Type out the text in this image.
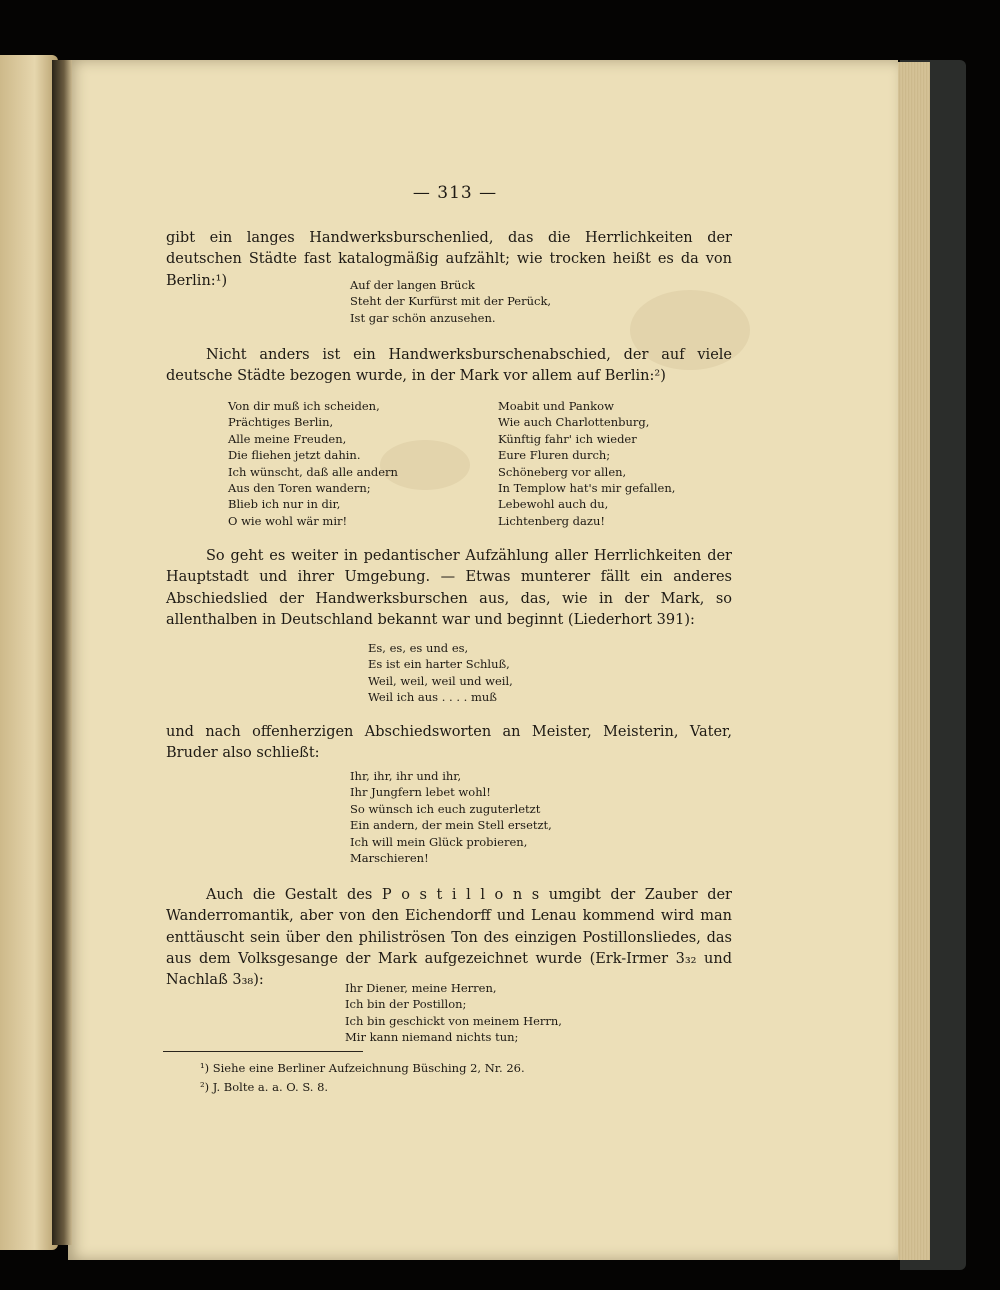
— 313 —

gibt ein langes Handwerksburschenlied, das die Herrlichkeiten der deutschen Städte fast katalogmäßig aufzählt; wie trocken heißt es da von Berlin:¹)	Auf der langen Brück
Steht der Kurfürst mit der Perück,
Ist gar schön anzusehen.

Nicht anders ist ein Handwerksburschenabschied, der auf viele deutsche Städte bezogen wurde, in der Mark vor allem auf Berlin:²)

Von dir muß ich scheiden,
Prächtiges Berlin,
Alle meine Freuden,
Die fliehen jetzt dahin.
Ich wünscht, daß alle andern
Aus den Toren wandern;
Blieb ich nur in dir,
O wie wohl wär mir!
Moabit und Pankow
Wie auch Charlottenburg,
Künftig fahr' ich wieder
Eure Fluren durch;
Schöneberg vor allen,
In Templow hat's mir gefallen,
Lebewohl auch du,
Lichtenberg dazu!

So geht es weiter in pedantischer Aufzählung aller Herrlichkeiten der Hauptstadt und ihrer Umgebung. — Etwas munterer fällt ein anderes Abschiedslied der Handwerksburschen aus, das, wie in der Mark, so allenthalben in Deutschland bekannt war und beginnt (Liederhort 391):

Es, es, es und es,
Es ist ein harter Schluß,
Weil, weil, weil und weil,
Weil ich aus . . . . muß

und nach offenherzigen Abschiedsworten an Meister, Meisterin, Vater, Bruder also schließt:

Ihr, ihr, ihr und ihr,
Ihr Jungfern lebet wohl!
So wünsch ich euch zuguterletzt
Ein andern, der mein Stell ersetzt,
Ich will mein Glück probieren,
Marschieren!

Auch die Gestalt des P o s t i l l o n s umgibt der Zauber der Wanderromantik, aber von den Eichendorff und Lenau kommend wird man enttäuscht sein über den philiströsen Ton des einzigen Postillonsliedes, das aus dem Volksgesange der Mark aufgezeichnet wurde (Erk-Irmer 3₃₂ und Nachlaß 3₃₈):	Ihr Diener, meine Herren,
Ich bin der Postillon;
Ich bin geschickt von meinem Herrn,
Mir kann niemand nichts tun;
¹) Siehe eine Berliner Aufzeichnung Büsching 2, Nr. 26.
²) J. Bolte a. a. O. S. 8.
